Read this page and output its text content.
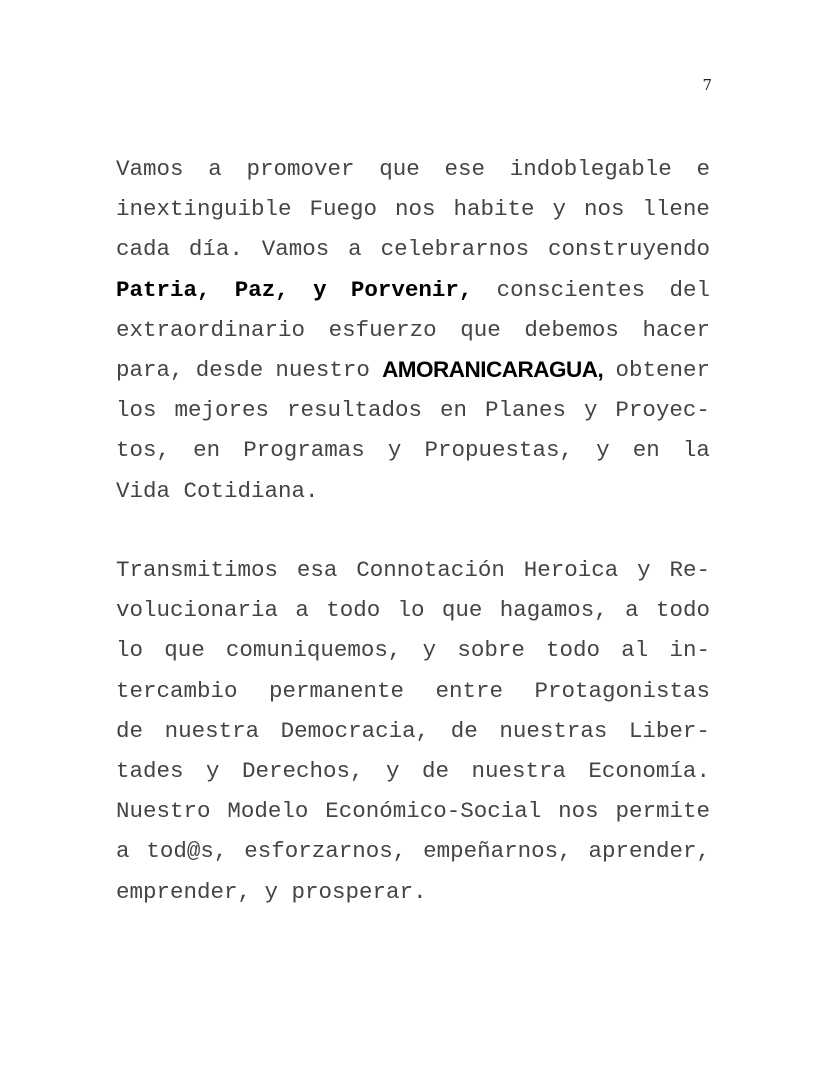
7
Vamos a promover que ese indoblegable e
inextinguible Fuego nos habite y nos llene
cada día. Vamos a celebrarnos construyendo
Patria, Paz, y Porvenir, conscientes del
extraordinario esfuerzo que debemos hacer
para, desde nuestro AMORANICARAGUA, obtener
los mejores resultados en Planes y Proyec-
tos, en Programas y Propuestas, y en la
Vida Cotidiana.
Transmitimos esa Connotación Heroica y Re-
volucionaria a todo lo que hagamos, a todo
lo que comuniquemos, y sobre todo al in-
tercambio permanente entre Protagonistas
de nuestra Democracia, de nuestras Liber-
tades y Derechos, y de nuestra Economía.
Nuestro Modelo Económico-Social nos permite
a tod@s, esforzarnos, empeñarnos, aprender,
emprender, y prosperar.
